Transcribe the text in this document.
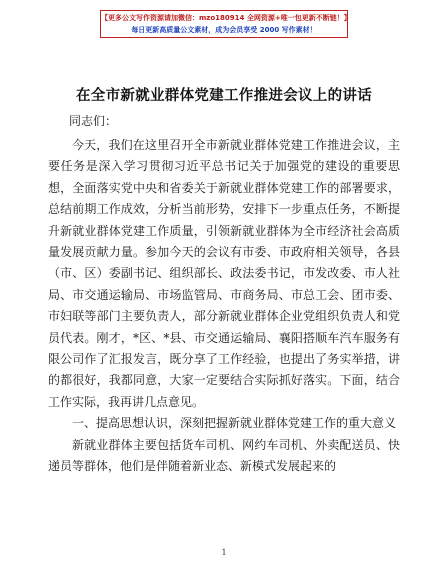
【更多公文写作资源请加微信：mzo180914 全网资源+唯一包更新不断链！】
每日更新高质量公文素材，成为会员享受 2000 写作素材！
在全市新就业群体党建工作推进会议上的讲话
同志们：

今天，我们在这里召开全市新就业群体党建工作推进会议，主要任务是深入学习贯彻习近平总书记关于加强党的建设的重要思想，全面落实党中央和省委关于新就业群体党建工作的部署要求，总结前期工作成效，分析当前形势，安排下一步重点任务，不断提升新就业群体党建工作质量，引领新就业群体为全市经济社会高质量发展贡献力量。参加今天的会议有市委、市政府相关领导，各县（市、区）委副书记、组织部长、政法委书记，市发改委、市人社局、市交通运输局、市场监管局、市商务局、市总工会、团市委、市妇联等部门主要负责人，部分新就业群体企业党组织负责人和党员代表。刚才，*区、*县、市交通运输局、襄阳搭顺车汽车服务有限公司作了汇报发言，既分享了工作经验，也提出了务实举措，讲的都很好，我都同意，大家一定要结合实际抓好落实。下面，结合工作实际，我再讲几点意见。

一、提高思想认识，深刻把握新就业群体党建工作的重大意义

新就业群体主要包括货车司机、网约车司机、外卖配送员、快递员等群体，他们是伴随着新业态、新模式发展起来的

1
